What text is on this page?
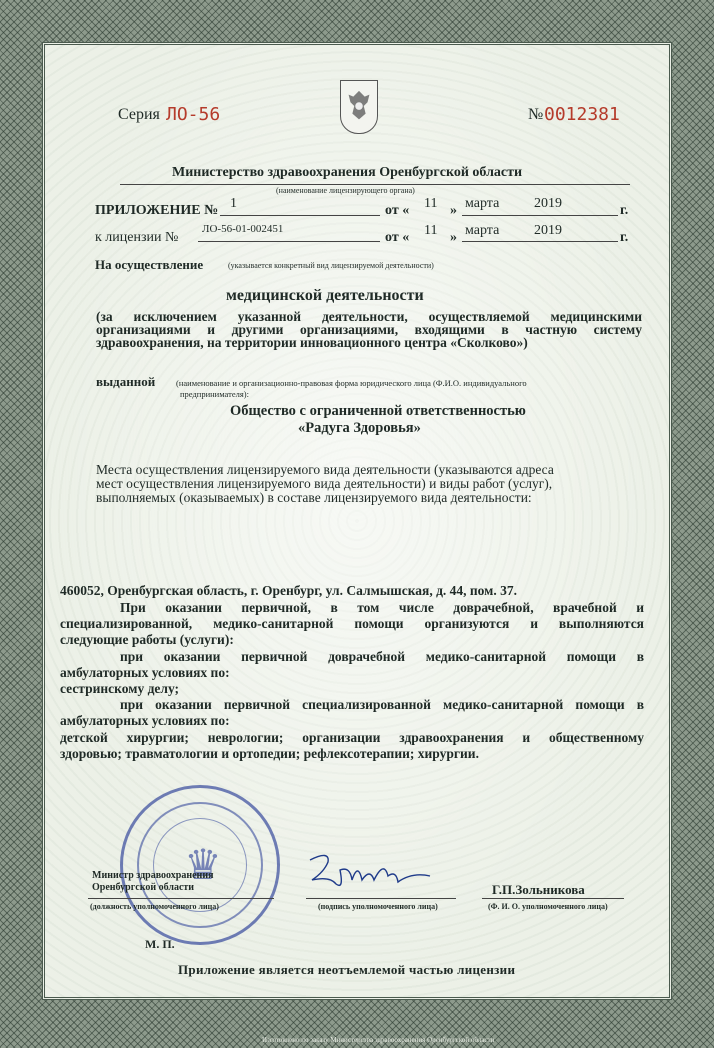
Серия ЛО-56	№ 0012381
Министерство здравоохранения Оренбургской области
(наименование лицензирующего органа)
ПРИЛОЖЕНИЕ № 1	от « 11 » марта 2019	г.
к лицензии №
ЛО-56-01-002451
от « 11 » марта 2019	г.
На осуществление	(указывается конкретный вид лицензируемой деятельности)
медицинской деятельности
(за исключением указанной деятельности, осуществляемой медицинскими
организациями и другими организациями, входящими в частную систему
здравоохранения, на территории инновационного центра «Сколково»)
выданной (наименование и организационно-правовая форма юридического лица (Ф.И.О. индивидуального
предпринимателя):
Общество с ограниченной ответственностью
«Радуга Здоровья»
Места осуществления лицензируемого вида деятельности (указываются адреса
мест осуществления лицензируемого вида деятельности) и виды работ (услуг),
выполняемых (оказываемых) в составе лицензируемого вида деятельности:
460052, Оренбургская область, г. Оренбург, ул. Салмышская, д. 44, пом. 37.
При оказании первичной, в том числе доврачебной, врачебной и
специализированной, медико-санитарной помощи организуются и выполняются
следующие работы (услуги):
при оказании первичной доврачебной медико-санитарной помощи в
амбулаторных условиях по:
сестринскому делу;
при оказании первичной специализированной медико-санитарной помощи в
амбулаторных условиях по:
детской хирургии; неврологии; организации здравоохранения и общественному
здоровью; травматологии и ортопедии; рефлексотерапии; хирургии.
♛
Министр здравоохранения
Оренбургской области
(должность уполномоченного лица)	(подпись уполномоченного лица)
Г.П.Зольникова
(Ф. И. О. уполномоченного лица)
М. П.
Приложение является неотъемлемой частью лицензии
Изготовлено по заказу Министерства здравоохранения Оренбургской области
